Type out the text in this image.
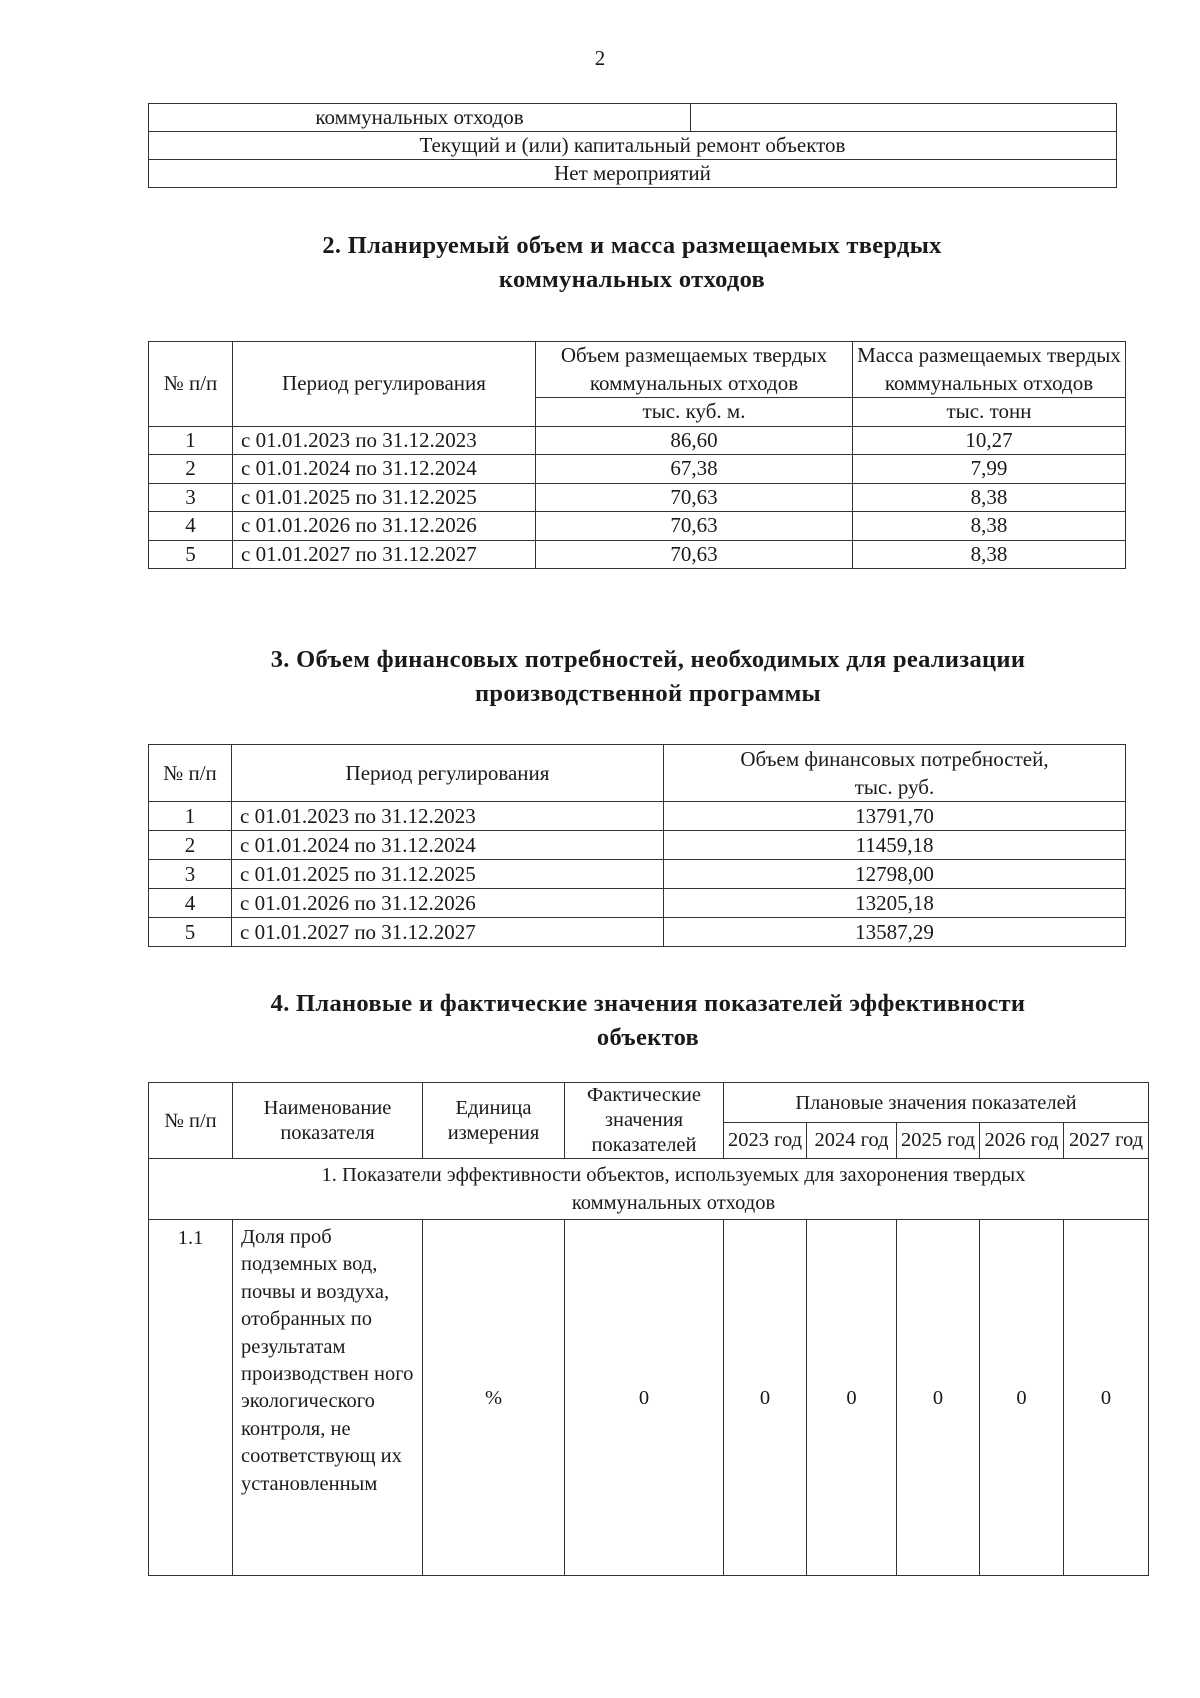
2
коммунальных отходов	
Текущий и (или) капитальный ремонт объектов
Нет мероприятий
2. Планируемый объем и масса размещаемых твердых
коммунальных отходов
№ п/п	Период регулирования	Объем размещаемых твердых коммунальных отходов	Масса размещаемых твердых коммунальных отходов
		тыс. куб. м.	тыс. тонн
1	с 01.01.2023 по 31.12.2023	86,60	10,27
2	с 01.01.2024 по 31.12.2024	67,38	7,99
3	с 01.01.2025 по 31.12.2025	70,63	8,38
4	с 01.01.2026 по 31.12.2026	70,63	8,38
5	с 01.01.2027 по 31.12.2027	70,63	8,38
3. Объем финансовых потребностей, необходимых для реализации
производственной программы
№ п/п	Период регулирования	Объем финансовых потребностей,
тыс. руб.

1	с 01.01.2023 по 31.12.2023	13791,70
2	с 01.01.2024 по 31.12.2024	11459,18
3	с 01.01.2025 по 31.12.2025	12798,00
4	с 01.01.2026 по 31.12.2026	13205,18
5	с 01.01.2027 по 31.12.2027	13587,29
4. Плановые и фактические значения показателей эффективности
объектов
№ п/п	Наименование показателя	Единица измерения	Фактические значения показателей	Плановые значения показателей				
				2023 год	2024 год	2025 год	2026 год	2027 год
1. Показатели эффективности объектов, используемых для захоронения твердых коммунальных отходов								
1.1	Доля проб подземных вод, почвы и воздуха, отобранных по результатам производствен ного экологического контроля, не соответствующ их установленным	%	0	0	0	0	0	0
